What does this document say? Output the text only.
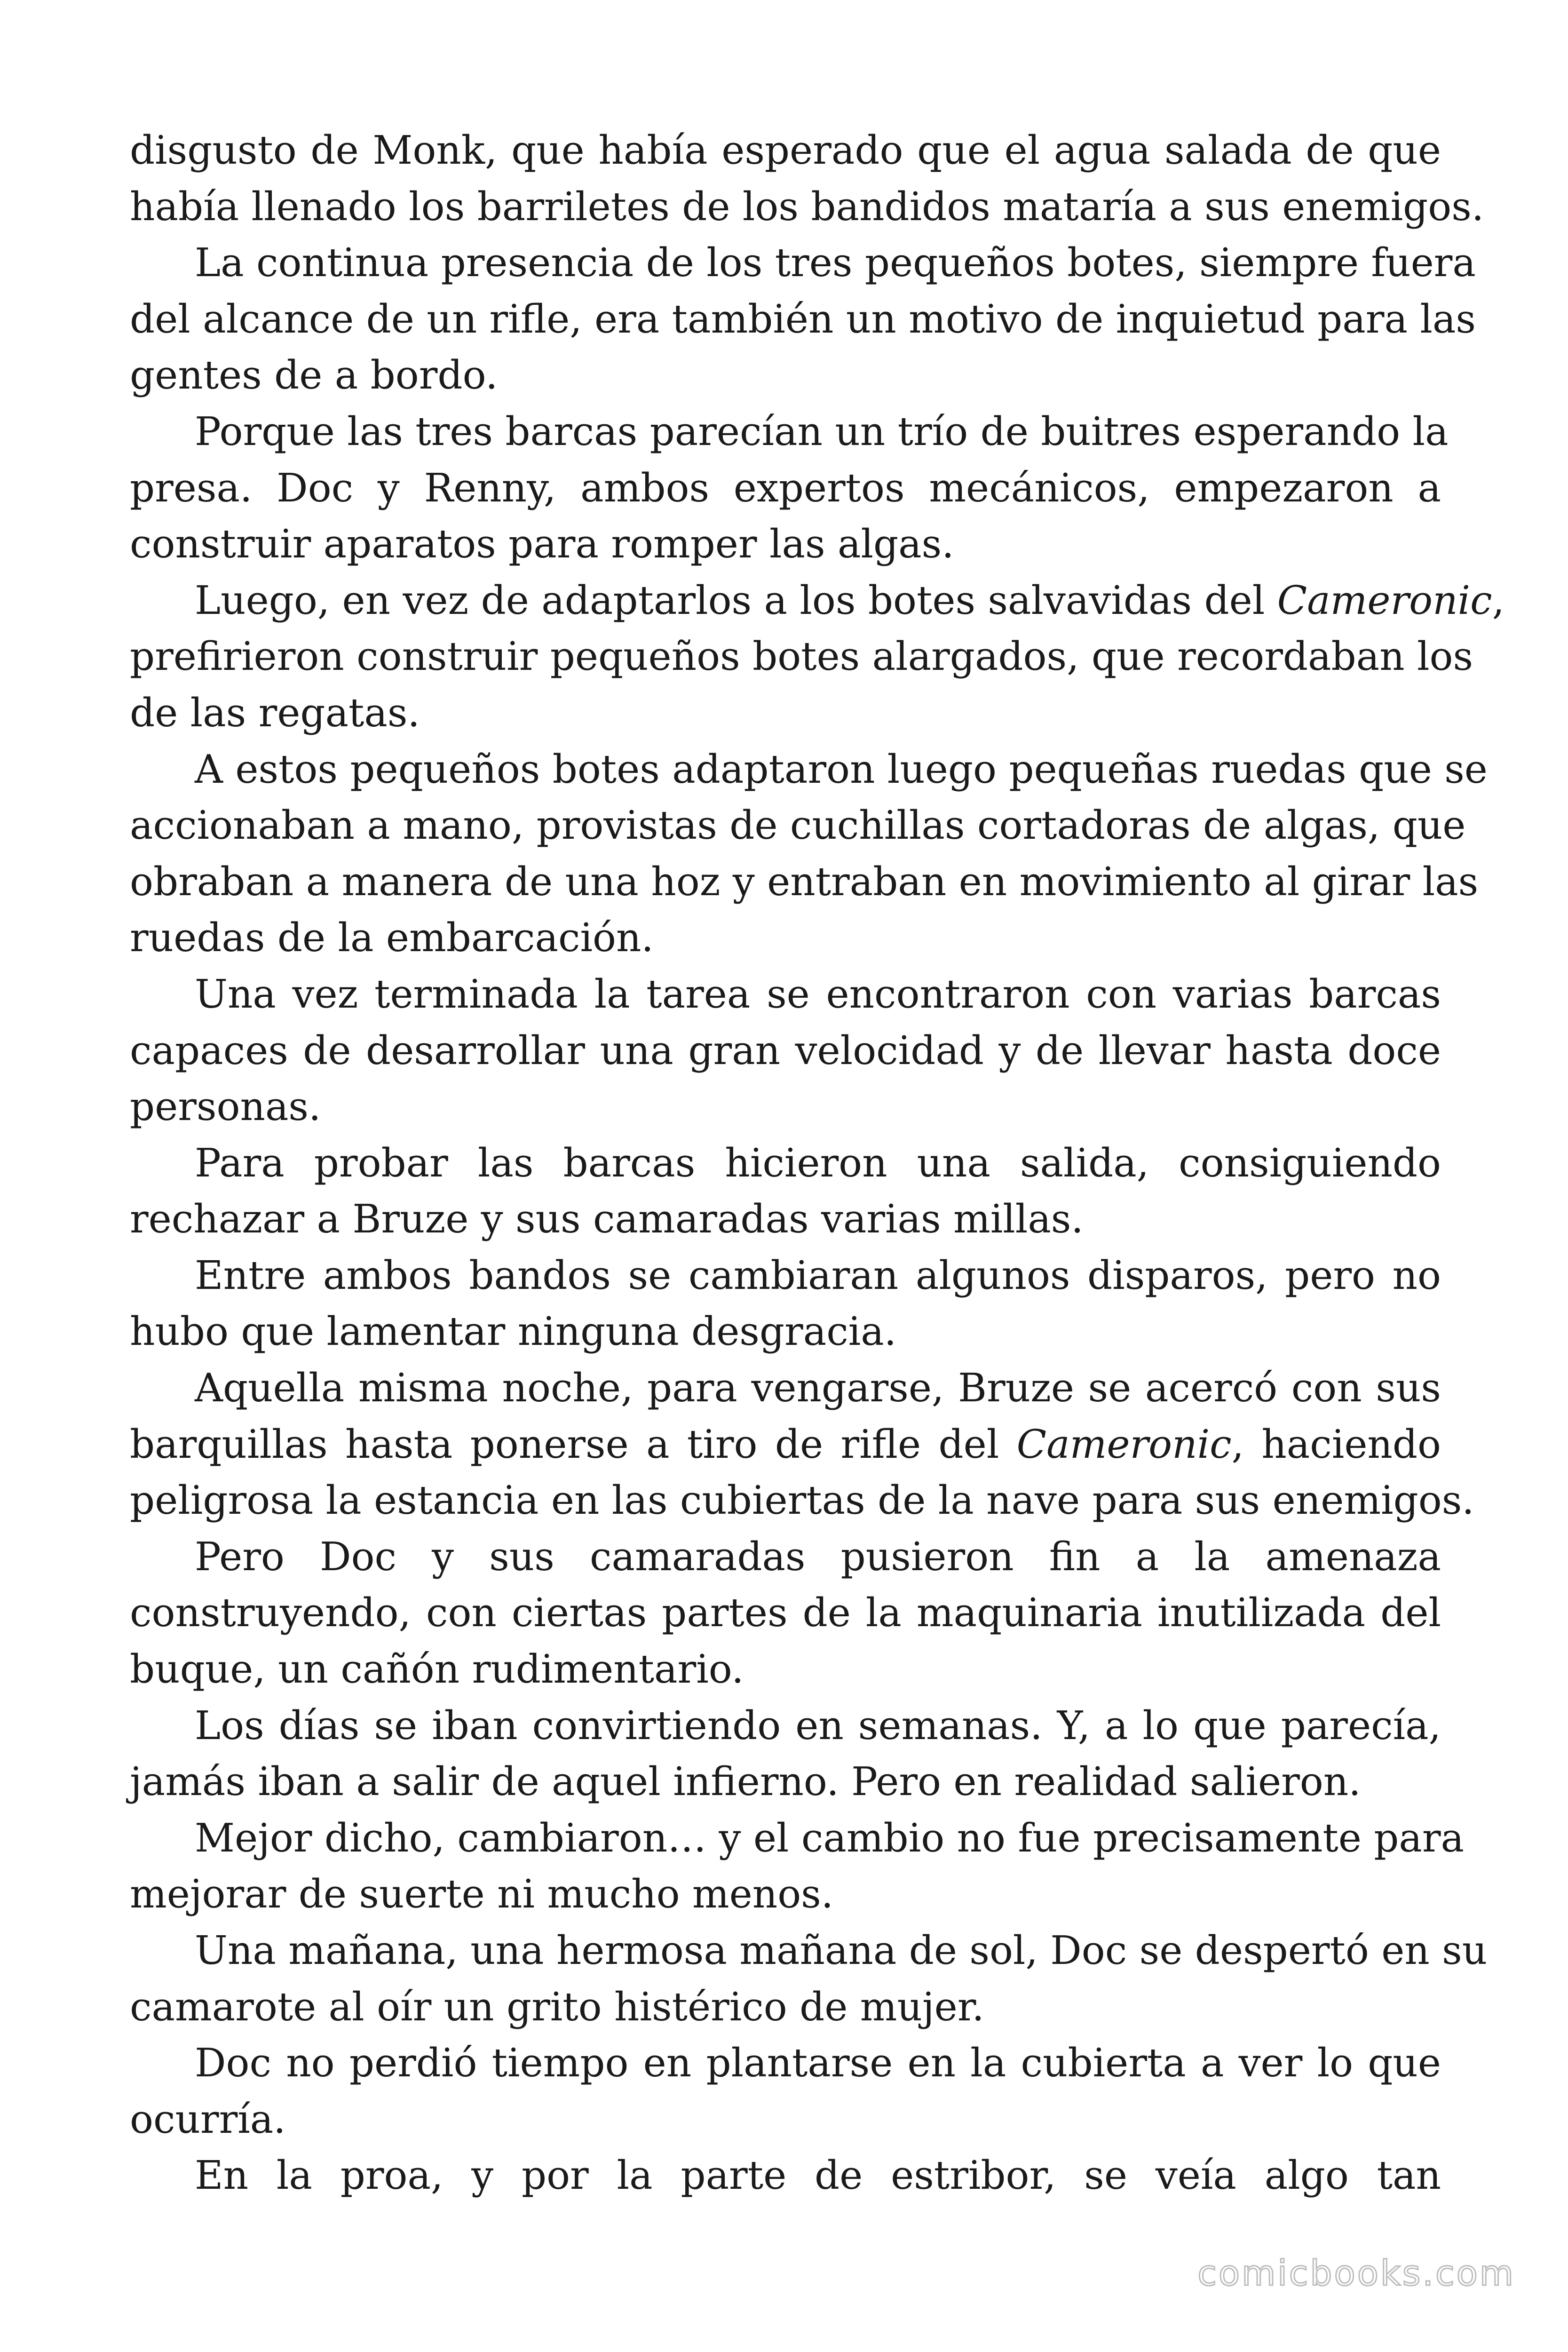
disgusto de Monk, que había esperado que el agua salada de que
había llenado los barriletes de los bandidos mataría a sus enemigos.
La continua presencia de los tres pequeños botes, siempre fuera
del alcance de un rifle, era también un motivo de inquietud para las
gentes de a bordo.
Porque las tres barcas parecían un trío de buitres esperando la
presa. Doc y Renny, ambos expertos mecánicos, empezaron a
construir aparatos para romper las algas.
Luego, en vez de adaptarlos a los botes salvavidas del Cameronic,
prefirieron construir pequeños botes alargados, que recordaban los
de las regatas.
A estos pequeños botes adaptaron luego pequeñas ruedas que se
accionaban a mano, provistas de cuchillas cortadoras de algas, que
obraban a manera de una hoz y entraban en movimiento al girar las
ruedas de la embarcación.
Una vez terminada la tarea se encontraron con varias barcas
capaces de desarrollar una gran velocidad y de llevar hasta doce
personas.
Para probar las barcas hicieron una salida, consiguiendo
rechazar a Bruze y sus camaradas varias millas.
Entre ambos bandos se cambiaran algunos disparos, pero no
hubo que lamentar ninguna desgracia.
Aquella misma noche, para vengarse, Bruze se acercó con sus
barquillas hasta ponerse a tiro de rifle del Cameronic, haciendo
peligrosa la estancia en las cubiertas de la nave para sus enemigos.
Pero Doc y sus camaradas pusieron fin a la amenaza
construyendo, con ciertas partes de la maquinaria inutilizada del
buque, un cañón rudimentario.
Los días se iban convirtiendo en semanas. Y, a lo que parecía,
jamás iban a salir de aquel infierno. Pero en realidad salieron.
Mejor dicho, cambiaron… y el cambio no fue precisamente para
mejorar de suerte ni mucho menos.
Una mañana, una hermosa mañana de sol, Doc se despertó en su
camarote al oír un grito histérico de mujer.
Doc no perdió tiempo en plantarse en la cubierta a ver lo que
ocurría.
En la proa, y por la parte de estribor, se veía algo tan
comicbooks.com
